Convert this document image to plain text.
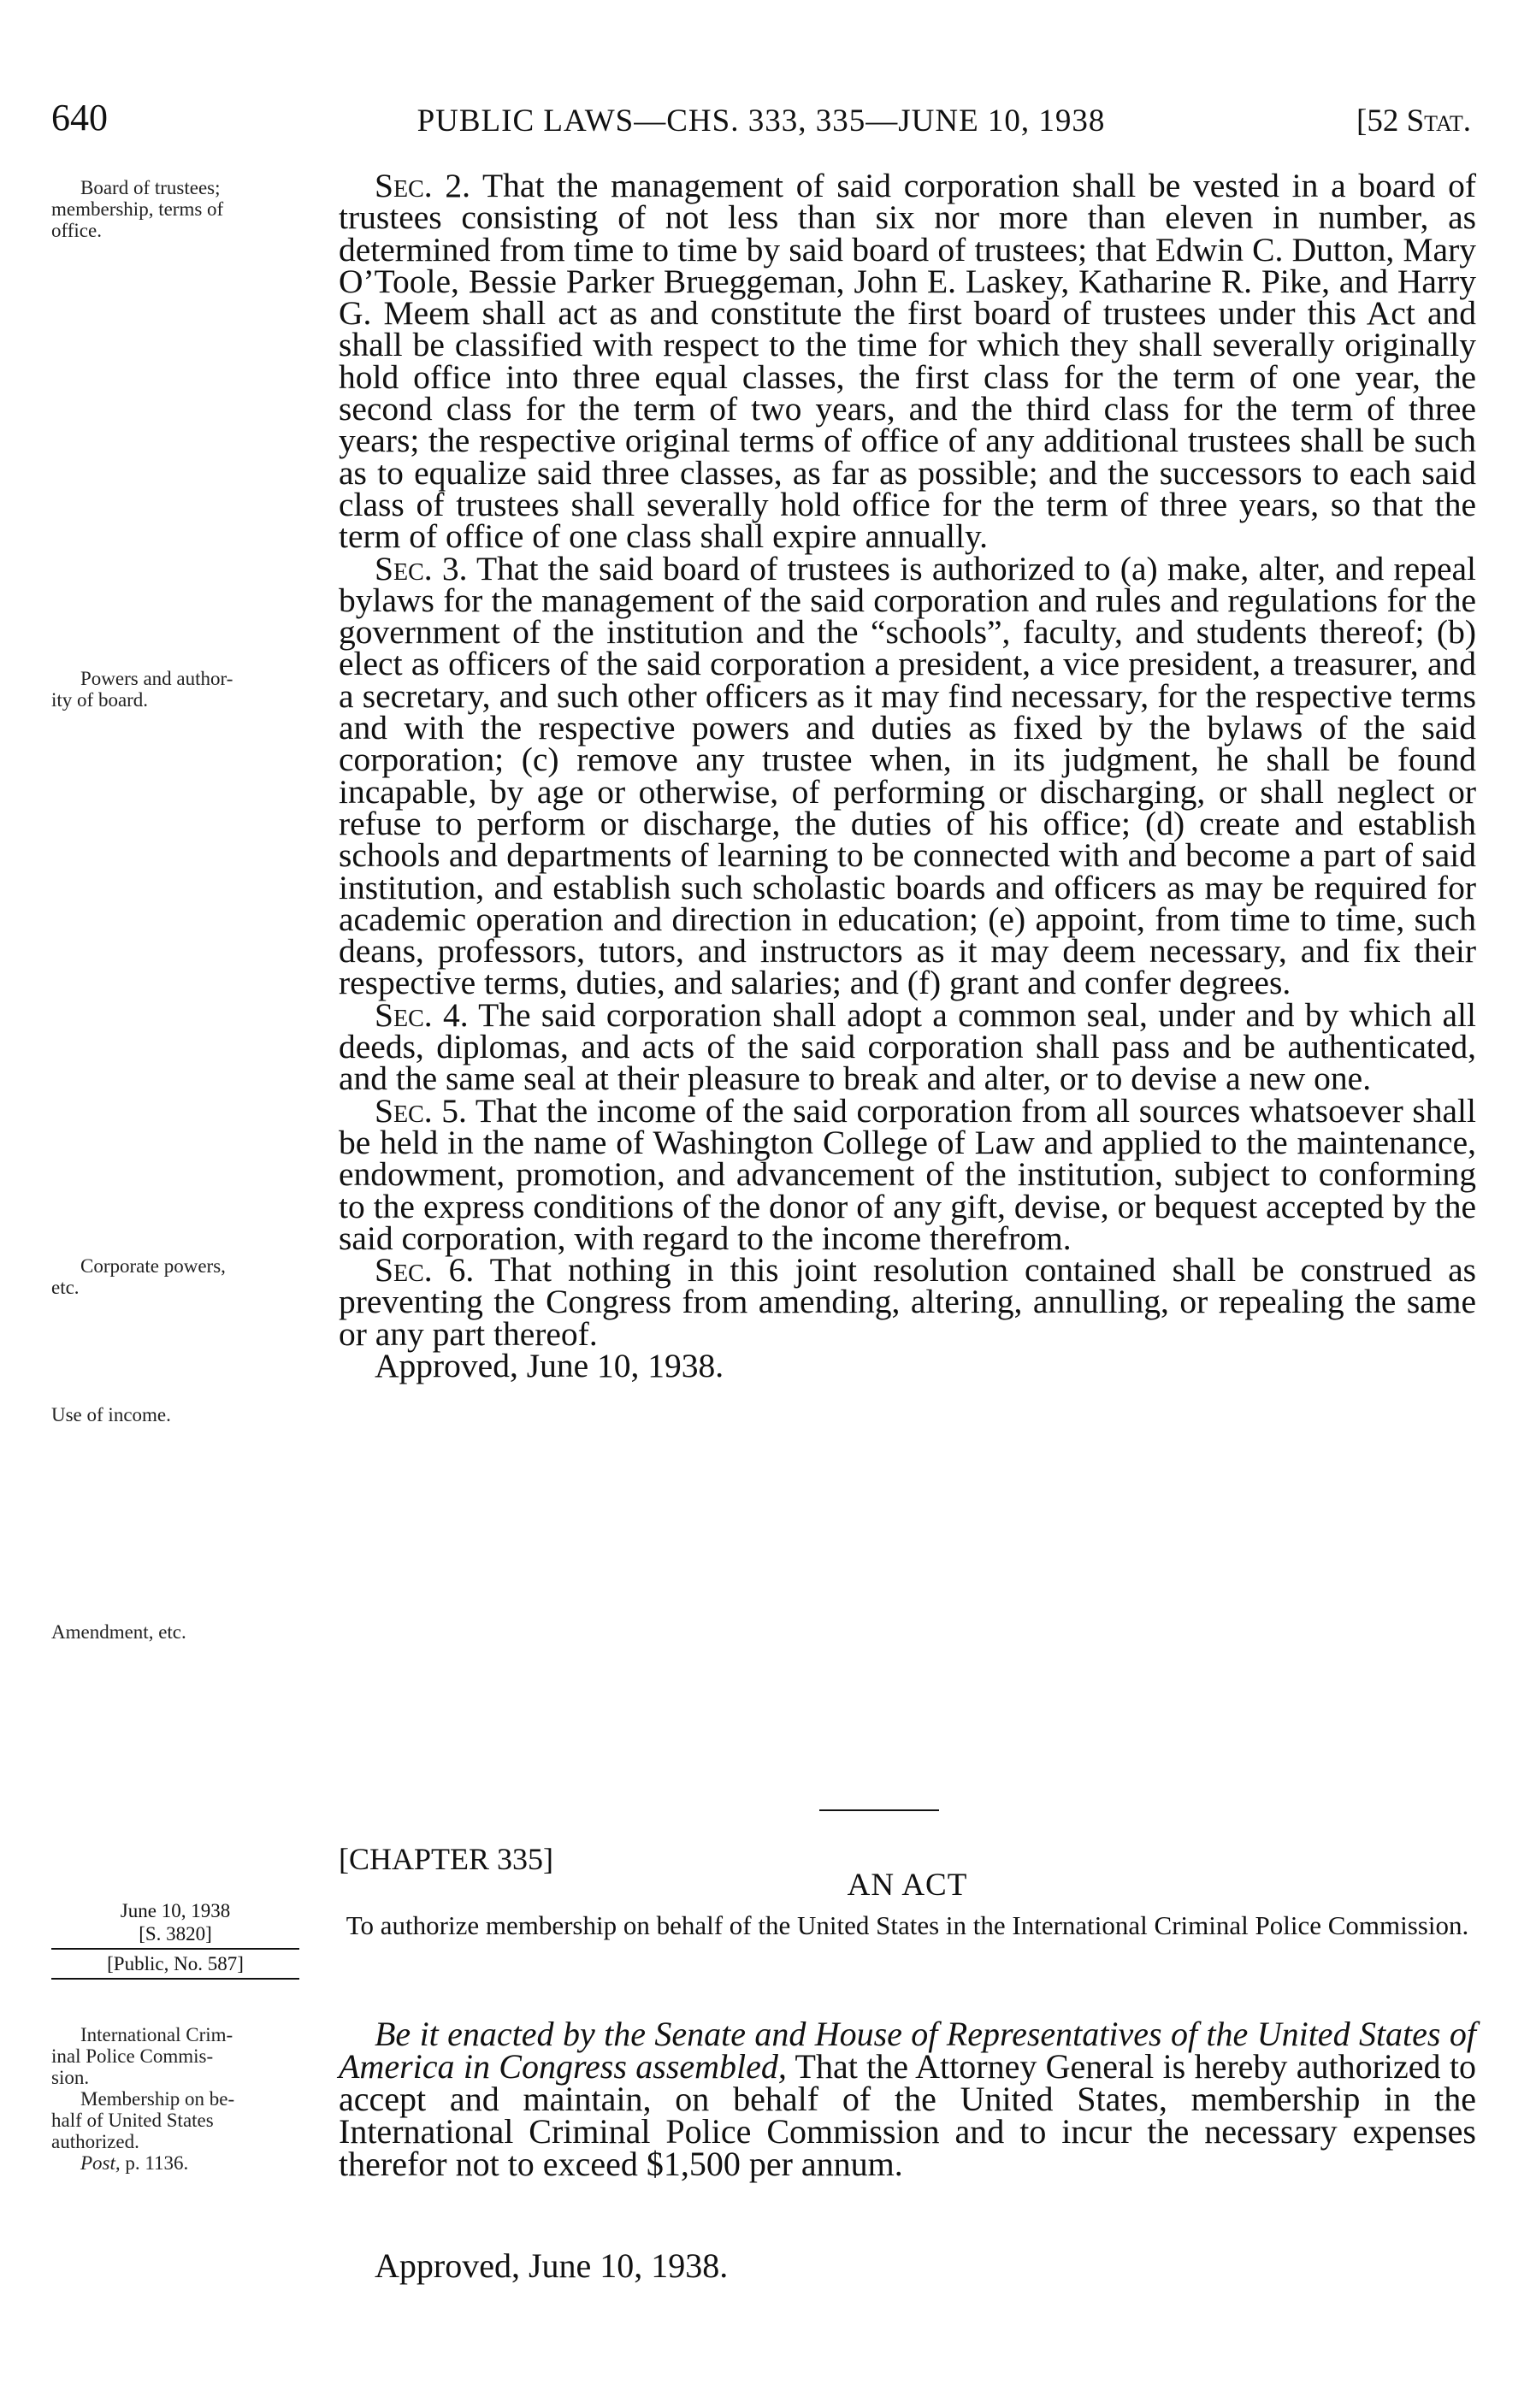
640	PUBLIC LAWS—CHS. 333, 335—JUNE 10, 1938	[52 Stat.
Board of trustees;
membership, terms of
office.
Powers and author-
ity of board.
Corporate powers,
etc.
Use of income.
Amendment, etc.

Sec. 2. That the management of said corporation shall be vested in a board of trustees consisting of not less than six nor more than eleven in number, as determined from time to time by said board of trustees; that Edwin C. Dutton, Mary O’Toole, Bessie Parker Brueggeman, John E. Laskey, Katharine R. Pike, and Harry G. Meem shall act as and constitute the first board of trustees under this Act and shall be classified with respect to the time for which they shall severally originally hold office into three equal classes, the first class for the term of one year, the second class for the term of two years, and the third class for the term of three years; the respective original terms of office of any additional trustees shall be such as to equalize said three classes, as far as possible; and the successors to each said class of trustees shall severally hold office for the term of three years, so that the term of office of one class shall expire annually.

Sec. 3. That the said board of trustees is authorized to (a) make, alter, and repeal bylaws for the management of the said corporation and rules and regulations for the government of the institution and the “schools”, faculty, and students thereof; (b) elect as officers of the said corporation a president, a vice president, a treasurer, and a secretary, and such other officers as it may find necessary, for the respective terms and with the respective powers and duties as fixed by the bylaws of the said corporation; (c) remove any trustee when, in its judgment, he shall be found incapable, by age or otherwise, of performing or discharging, or shall neglect or refuse to perform or discharge, the duties of his office; (d) create and establish schools and departments of learning to be connected with and become a part of said institution, and establish such scholastic boards and officers as may be required for academic operation and direction in education; (e) appoint, from time to time, such deans, professors, tutors, and instructors as it may deem necessary, and fix their respective terms, duties, and salaries; and (f) grant and confer degrees.

Sec. 4. The said corporation shall adopt a common seal, under and by which all deeds, diplomas, and acts of the said corporation shall pass and be authenticated, and the same seal at their pleasure to break and alter, or to devise a new one.

Sec. 5. That the income of the said corporation from all sources whatsoever shall be held in the name of Washington College of Law and applied to the maintenance, endowment, promotion, and advancement of the institution, subject to conforming to the express conditions of the donor of any gift, devise, or bequest accepted by the said corporation, with regard to the income therefrom.

Sec. 6. That nothing in this joint resolution contained shall be construed as preventing the Congress from amending, altering, annulling, or repealing the same or any part thereof.

Approved, June 10, 1938.

[CHAPTER 335]
AN ACT
To authorize membership on behalf of the United States in the International Criminal Police Commission.
June 10, 1938
[S. 3820]
[Public, No. 587]
International Crim-
inal Police Commis-
sion.
Membership on be-
half of United States
authorized.
Post, p. 1136.

Be it enacted by the Senate and House of Representatives of the United States of America in Congress assembled, That the Attorney General is hereby authorized to accept and maintain, on behalf of the United States, membership in the International Criminal Police Commission and to incur the necessary expenses therefor not to exceed $1,500 per annum.

Approved, June 10, 1938.
